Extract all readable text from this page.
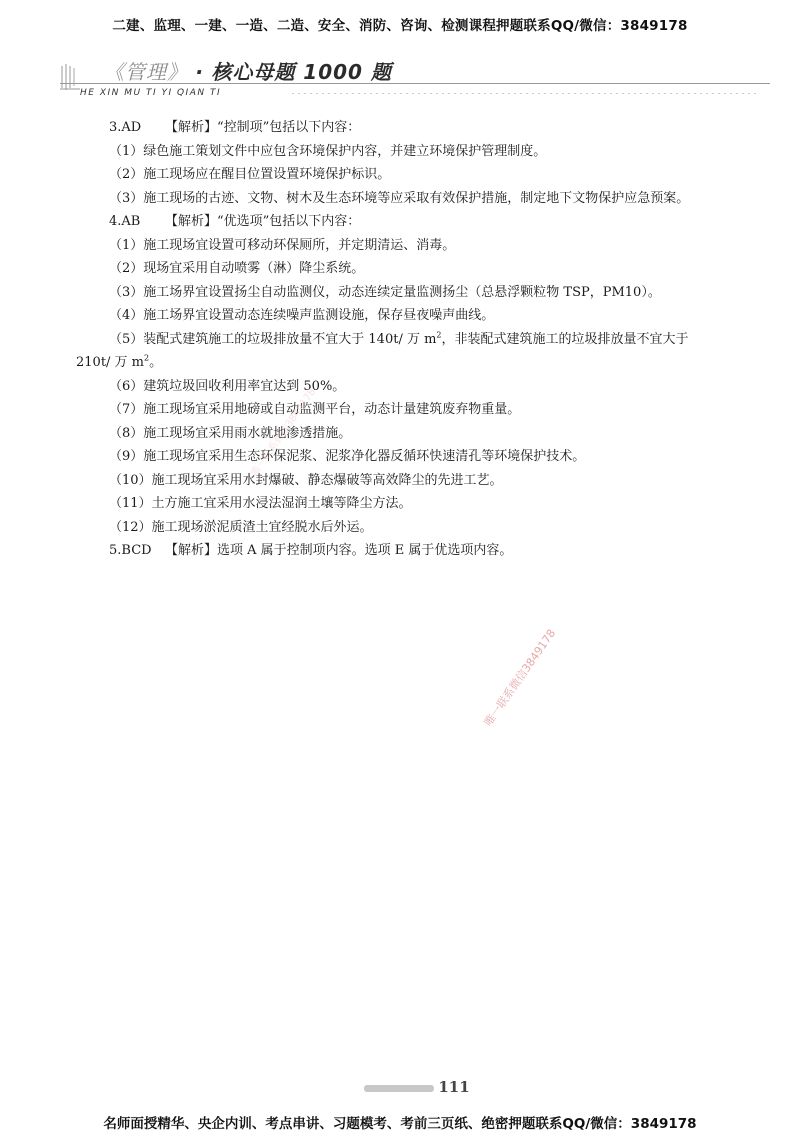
二建、监理、一建、一造、二造、安全、消防、咨询、检测课程押题联系QQ/微信：3849178
《管理》 · 核心母题 1000 题
HE XIN MU TI YI QIAN TI
3.AD 【解析】“控制项”包括以下内容：
（1）绿色施工策划文件中应包含环境保护内容，并建立环境保护管理制度。
（2）施工现场应在醒目位置设置环境保护标识。
（3）施工现场的古迹、文物、树木及生态环境等应采取有效保护措施，制定地下文物保护应急预案。
4.AB 【解析】“优选项”包括以下内容：
（1）施工现场宜设置可移动环保厕所，并定期清运、消毒。
（2）现场宜采用自动喷雾（淋）降尘系统。
（3）施工场界宜设置扬尘自动监测仪，动态连续定量监测扬尘（总悬浮颗粒物 TSP，PM10）。
（4）施工场界宜设置动态连续噪声监测设施，保存昼夜噪声曲线。
（5）装配式建筑施工的垃圾排放量不宜大于 140t/ 万 $m^2$，非装配式建筑施工的垃圾排放量不宜大于
210t/ 万 $m^2$。
（6）建筑垃圾回收利用率宜达到 50%。
（7）施工现场宜采用地磅或自动监测平台，动态计量建筑废弃物重量。
（8）施工现场宜采用雨水就地渗透措施。
（9）施工现场宜采用生态环保泥浆、泥浆净化器反循环快速清孔等环境保护技术。
（10）施工现场宜采用水封爆破、静态爆破等高效降尘的先进工艺。
（11）土方施工宜采用水浸法湿润土壤等降尘方法。
（12）施工现场淤泥质渣土宜经脱水后外运。
5.BCD 【解析】选项 A 属于控制项内容。选项 E 属于优选项内容。
唯一联系微信3849178
唯一联系微信3849178
111
名师面授精华、央企内训、考点串讲、习题模考、考前三页纸、绝密押题联系QQ/微信：3849178
